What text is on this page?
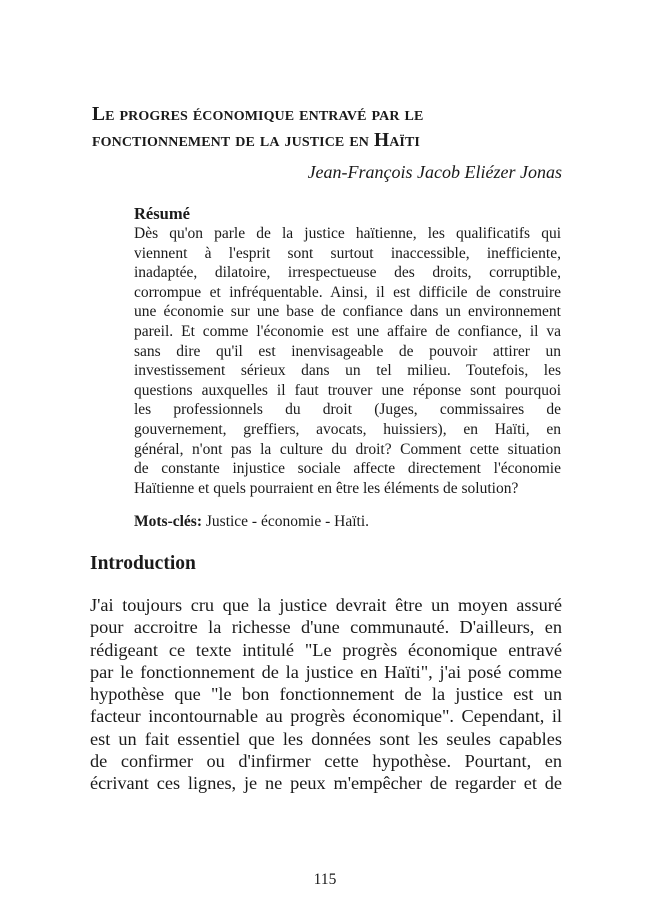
Le progres économique entravé par le
fonctionnement de la justice en Haïti
Jean-François Jacob Eliézer Jonas
Résumé

Dès qu'on parle de la justice haïtienne, les qualificatifs qui
viennent à l'esprit sont surtout inaccessible, inefficiente,
inadaptée, dilatoire, irrespectueuse des droits, corruptible,
corrompue et infréquentable. Ainsi, il est difficile de construire
une économie sur une base de confiance dans un environnement
pareil. Et comme l'économie est une affaire de confiance, il va
sans dire qu'il est inenvisageable de pouvoir attirer un
investissement sérieux dans un tel milieu. Toutefois, les
questions auxquelles il faut trouver une réponse sont pourquoi
les professionnels du droit (Juges, commissaires de
gouvernement, greffiers, avocats, huissiers), en Haïti, en
général, n'ont pas la culture du droit? Comment cette situation
de constante injustice sociale affecte directement l'économie
Haïtienne et quels pourraient en être les éléments de solution?

Mots-clés: Justice - économie - Haïti.
Introduction

J'ai toujours cru que la justice devrait être un moyen assuré
pour accroitre la richesse d'une communauté. D'ailleurs, en
rédigeant ce texte intitulé "Le progrès économique entravé
par le fonctionnement de la justice en Haïti", j'ai posé comme
hypothèse que "le bon fonctionnement de la justice est un
facteur incontournable au progrès économique". Cependant, il
est un fait essentiel que les données sont les seules capables
de confirmer ou d'infirmer cette hypothèse. Pourtant, en
écrivant ces lignes, je ne peux m'empêcher de regarder et de

115
